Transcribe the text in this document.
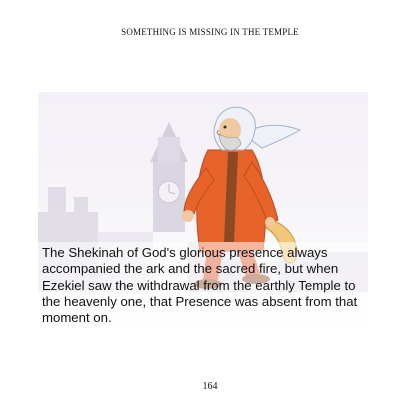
SOMETHING IS MISSING IN THE TEMPLE

The Shekinah of God's glorious presence always accompanied the ark and the sacred fire, but when Ezekiel saw the withdrawal from the earthly Temple to the heavenly one, that Presence was absent from that moment on.

164
